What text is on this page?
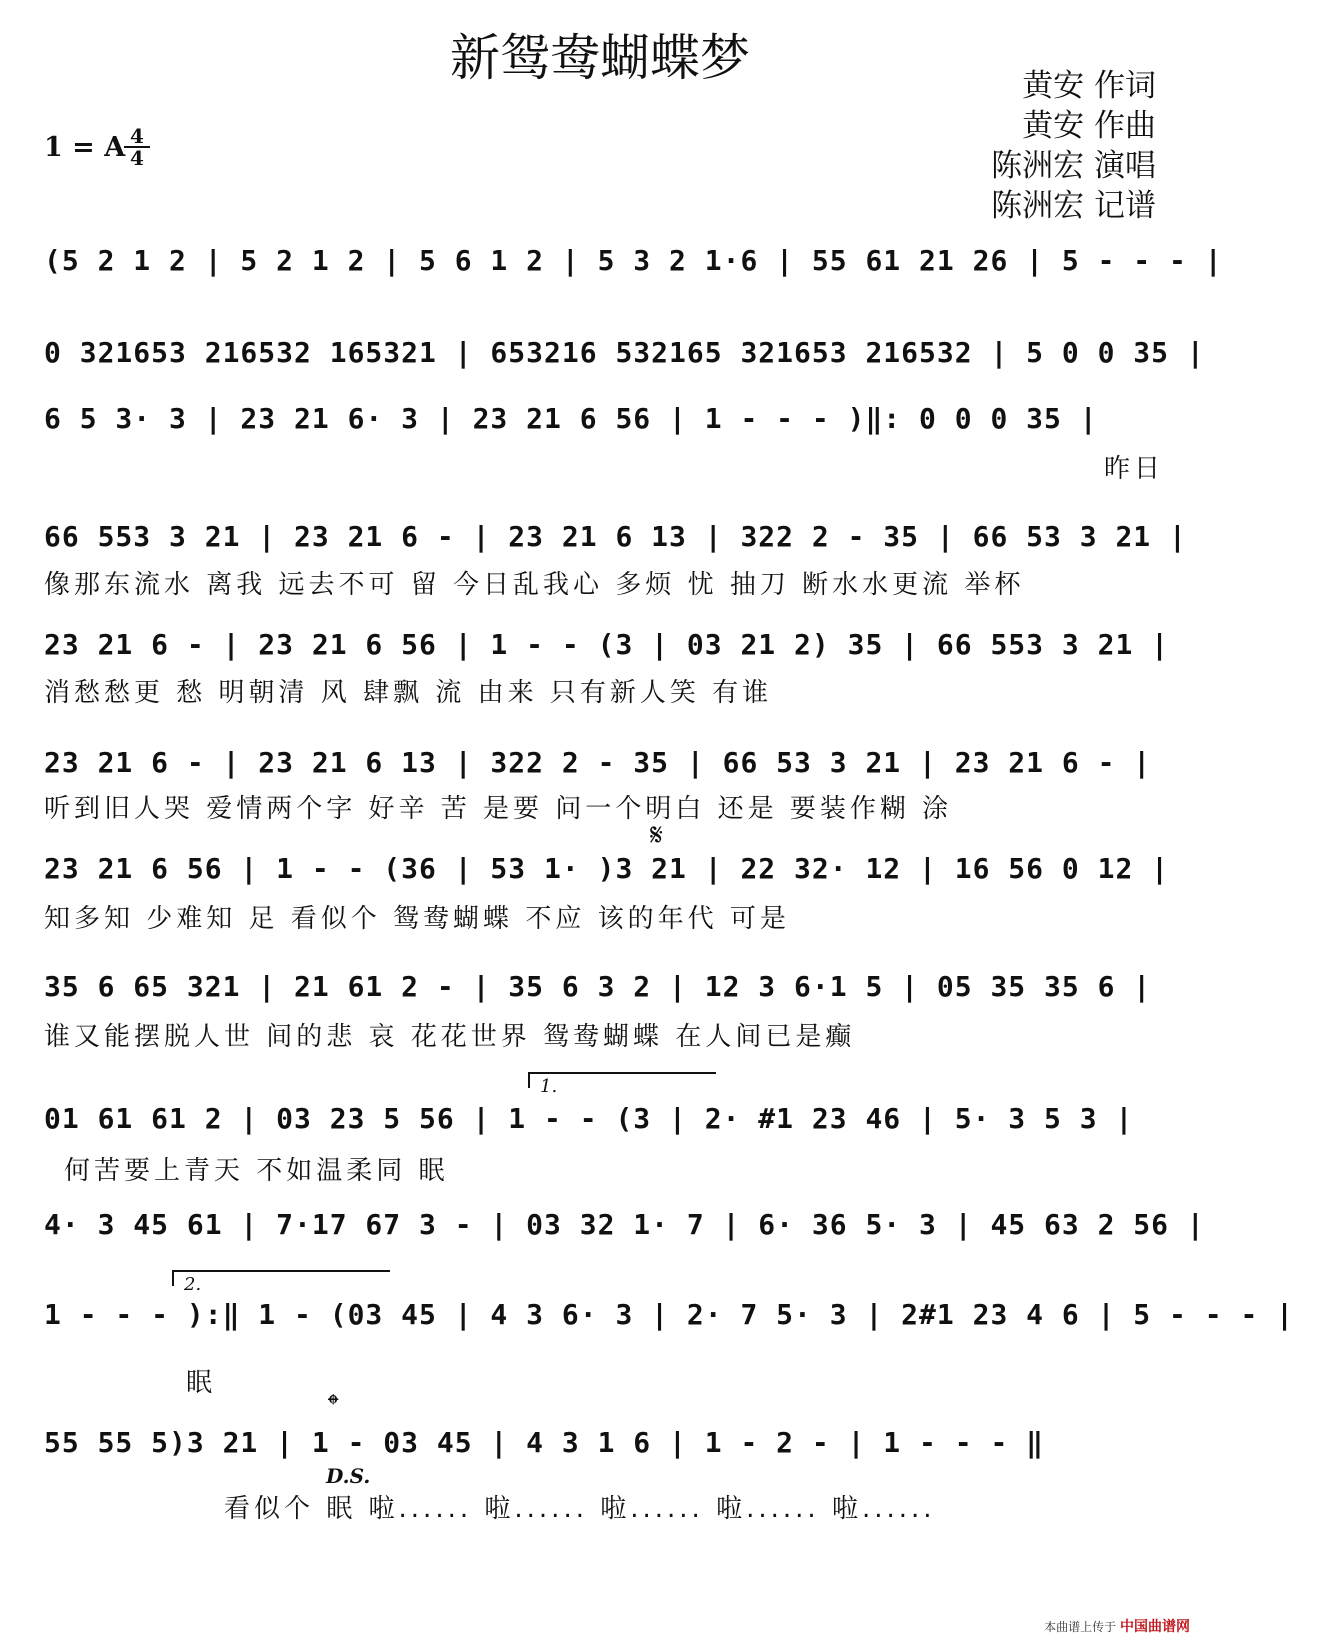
新鸳鸯蝴蝶梦	黄安 作词
黄安 作曲
陈洲宏 演唱
陈洲宏 记谱
1 = A 4
4
(5 2 1 2 | 5 2 1 2 | 5 6 1 2 | 5 3 2 1·6 | 55 61 21 26 | 5 - - - |
0 321653 216532 165321 | 653216 532165 321653 216532 | 5 0 0 35 |
6 5 3· 3 | 23 21 6· 3 | 23 21 6 56 | 1 - - - )‖: 0 0 0 35 |
昨日
66 553 3 21 | 23 21 6 - | 23 21 6 13 | 322 2 - 35 | 66 53 3 21 |
像那东流水 离我 远去不可 留 今日乱我心 多烦 忧 抽刀 断水水更流 举杯
23 21 6 - | 23 21 6 56 | 1 - - (3 | 03 21 2) 35 | 66 553 3 21 |
消愁愁更 愁 明朝清 风 肆飘 流 由来 只有新人笑 有谁
23 21 6 - | 23 21 6 13 | 322 2 - 35 | 66 53 3 21 | 23 21 6 - |
听到旧人哭 爱情两个字 好辛 苦 是要 问一个明白 还是 要装作糊 涂
23 21 6 56 | 1 - - (36 | 53 1· )3 21 | 22 32· 12 | 16 56 0 12 |
知多知 少难知 足 看似个 鸳鸯蝴蝶 不应 该的年代 可是
𝄋
35 6 65 321 | 21 61 2 - | 35 6 3 2 | 12 3 6·1 5 | 05 35 35 6 |
谁又能摆脱人世 间的悲 哀 花花世界 鸳鸯蝴蝶 在人间已是癫
1.
01 61 61 2 | 03 23 5 56 | 1 - - (3 | 2· #1 23 46 | 5· 3 5 3 |
何苦要上青天 不如温柔同 眠
4· 3 45 61 | 7·17 67 3 - | 03 32 1· 7 | 6· 36 5· 3 | 45 63 2 56 |
2.
1 - - - ):‖ 1 - (03 45 | 4 3 6· 3 | 2· 7 5· 3 | 2#1 23 4 6 | 5 - - - |
眠
𝄌
55 55 5)3 21 | 1 - 03 45 | 4 3 1 6 | 1 - 2 - | 1 - - - ‖
看似个 眠 啦...... 啦...... 啦...... 啦...... 啦......
D.S.
本曲谱上传于 中国曲谱网
